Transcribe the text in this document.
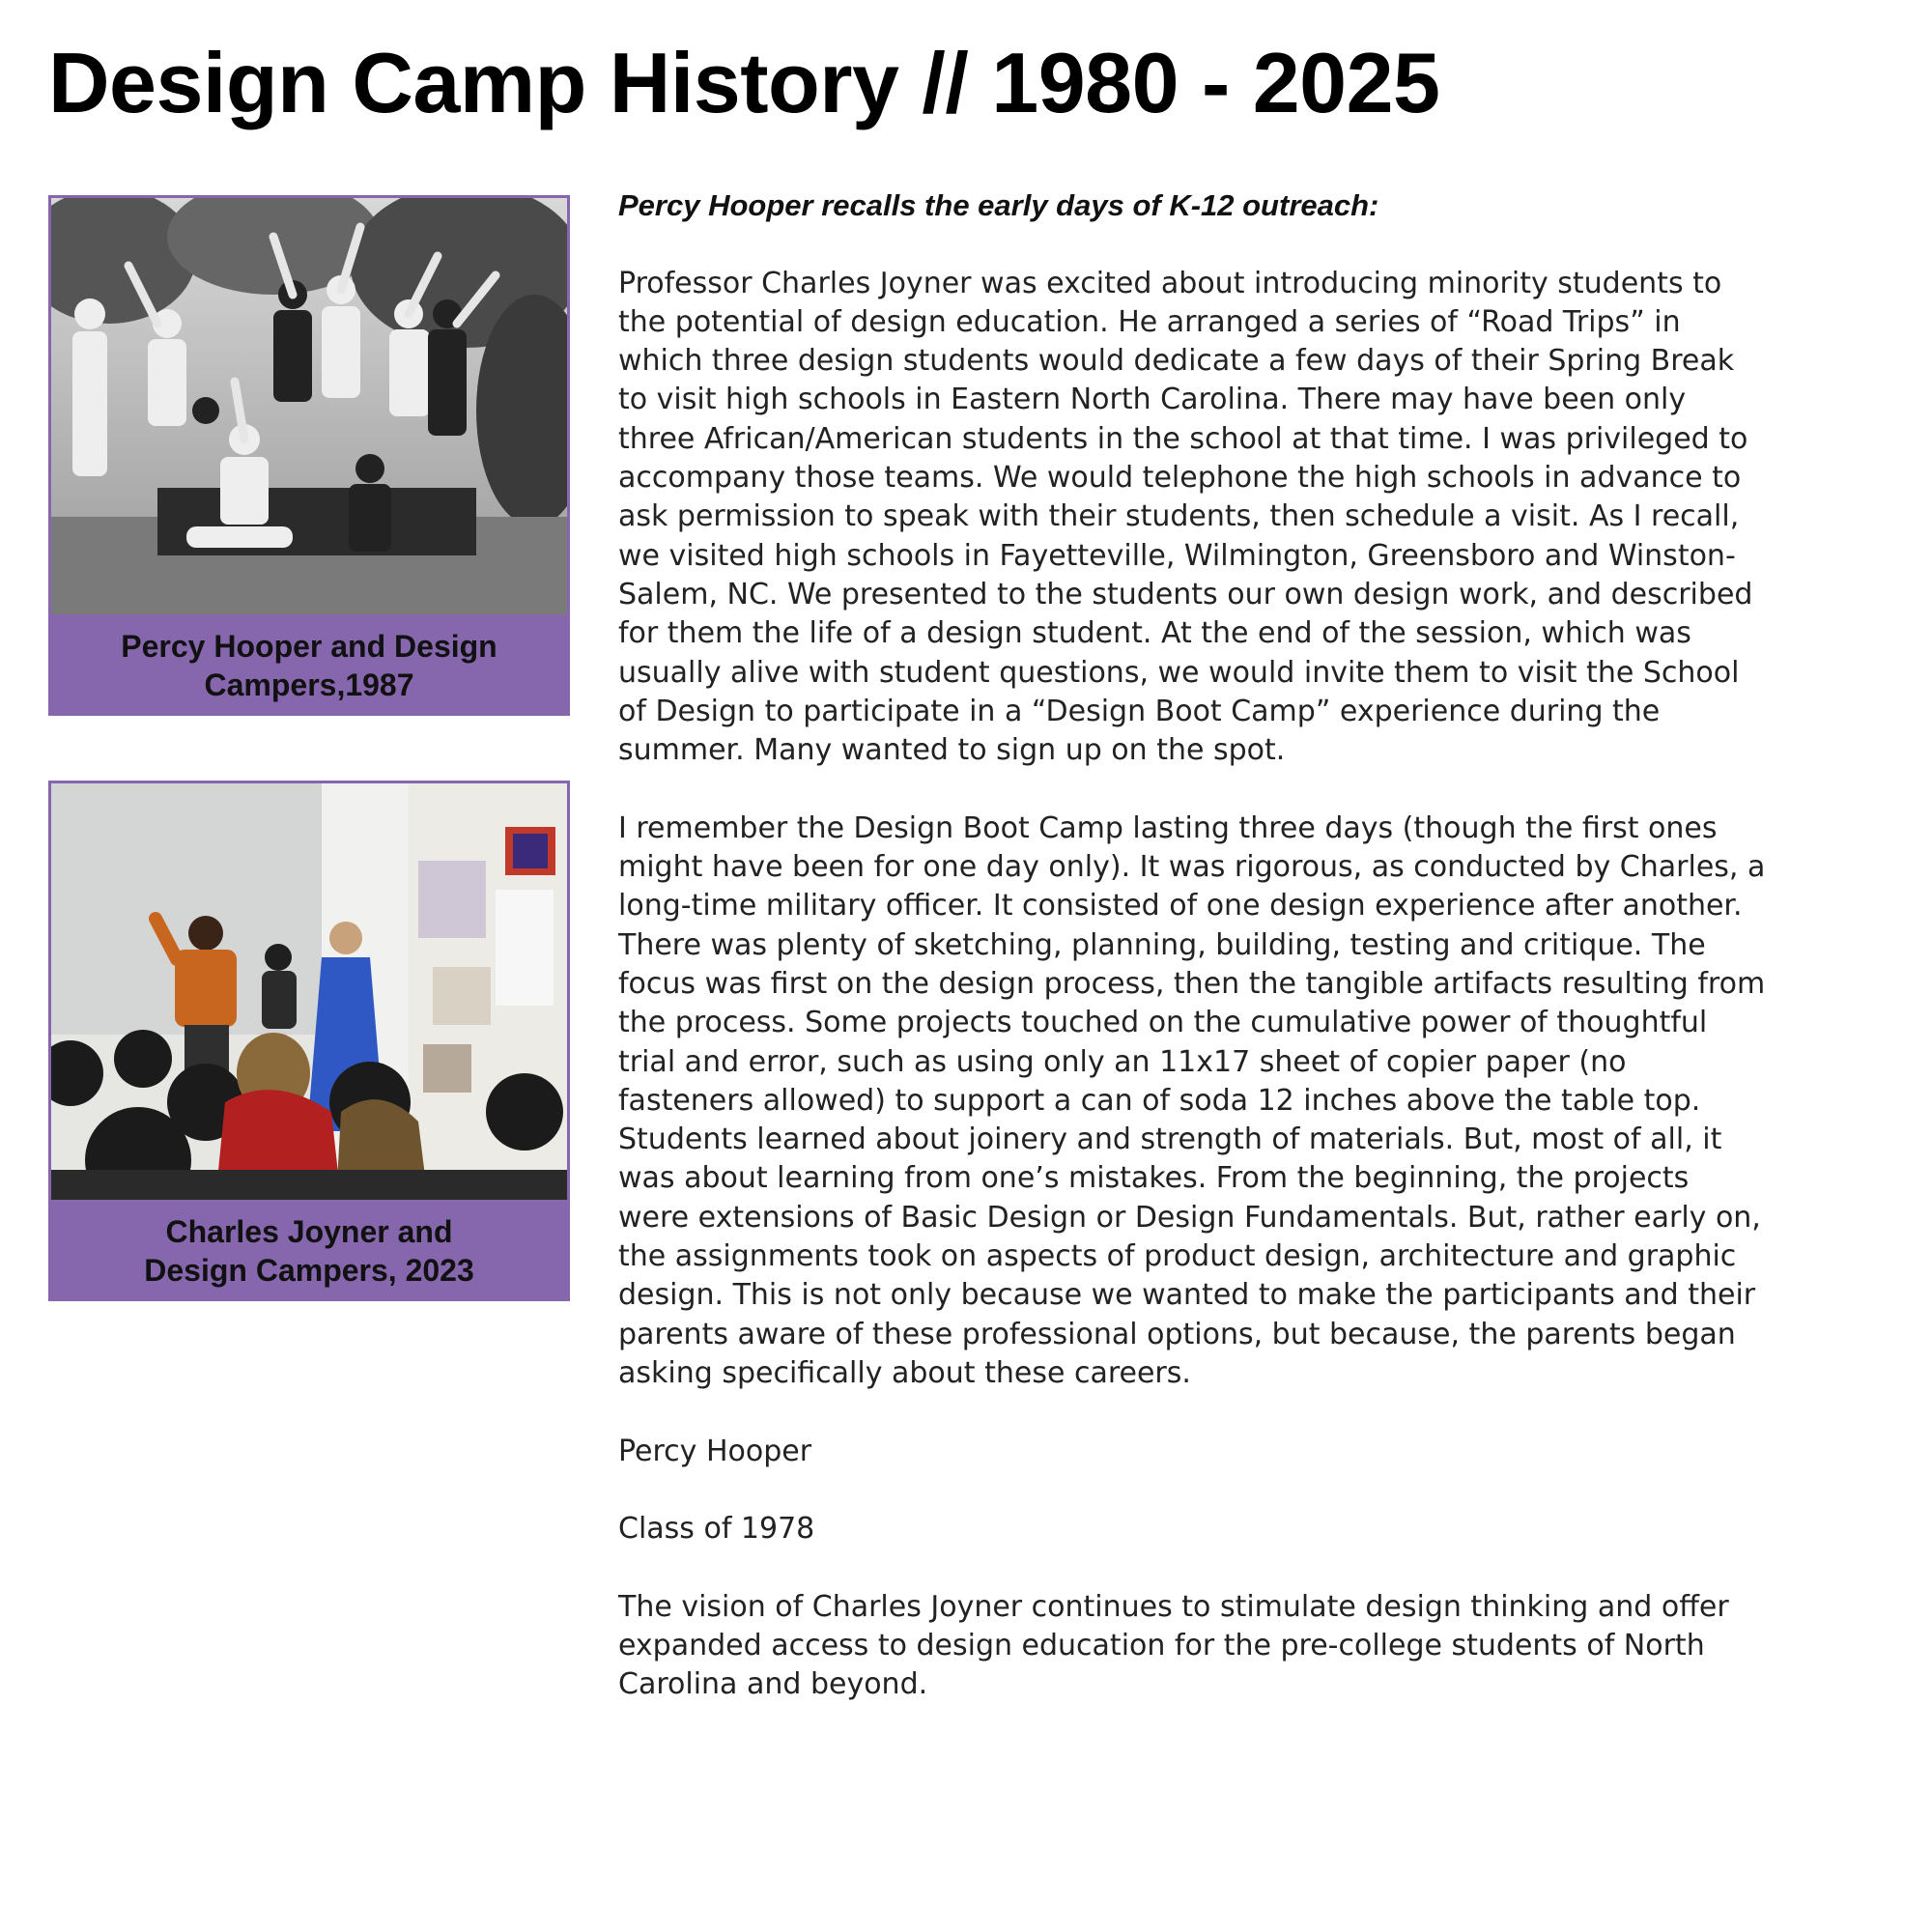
Design Camp History // 1980 - 2025
Percy Hooper and Design
Campers,1987
Charles Joyner and
Design Campers, 2023

Percy Hooper recalls the early days of K-12 outreach:

Professor Charles Joyner was excited about introducing minority students to the potential of design education. He arranged a series of “Road Trips” in which three design students would dedicate a few days of their Spring Break to visit high schools in Eastern North Carolina. There may have been only three African/American students in the school at that time. I was privileged to accompany those teams. We would telephone the high schools in advance to ask permission to speak with their students, then schedule a visit. As I recall, we visited high schools in Fayetteville, Wilmington, Greensboro and Winston-Salem, NC. We presented to the students our own design work, and described for them the life of a design student. At the end of the session, which was usually alive with student questions, we would invite them to visit the School of Design to participate in a “Design Boot Camp” experience during the summer. Many wanted to sign up on the spot.

I remember the Design Boot Camp lasting three days (though the first ones might have been for one day only). It was rigorous, as conducted by Charles, a long-time military officer. It consisted of one design experience after another. There was plenty of sketching, planning, building, testing and critique. The focus was first on the design process, then the tangible artifacts resulting from the process. Some projects touched on the cumulative power of thoughtful trial and error, such as using only an 11x17 sheet of copier paper (no fasteners allowed) to support a can of soda 12 inches above the table top. Students learned about joinery and strength of materials. But, most of all, it was about learning from one’s mistakes. From the beginning, the projects were extensions of Basic Design or Design Fundamentals. But, rather early on, the assignments took on aspects of product design, architecture and graphic design. This is not only because we wanted to make the participants and their parents aware of these professional options, but because, the parents began asking specifically about these careers.

Percy Hooper

Class of 1978

The vision of Charles Joyner continues to stimulate design thinking and offer expanded access to design education for the pre-college students of North Carolina and beyond.
